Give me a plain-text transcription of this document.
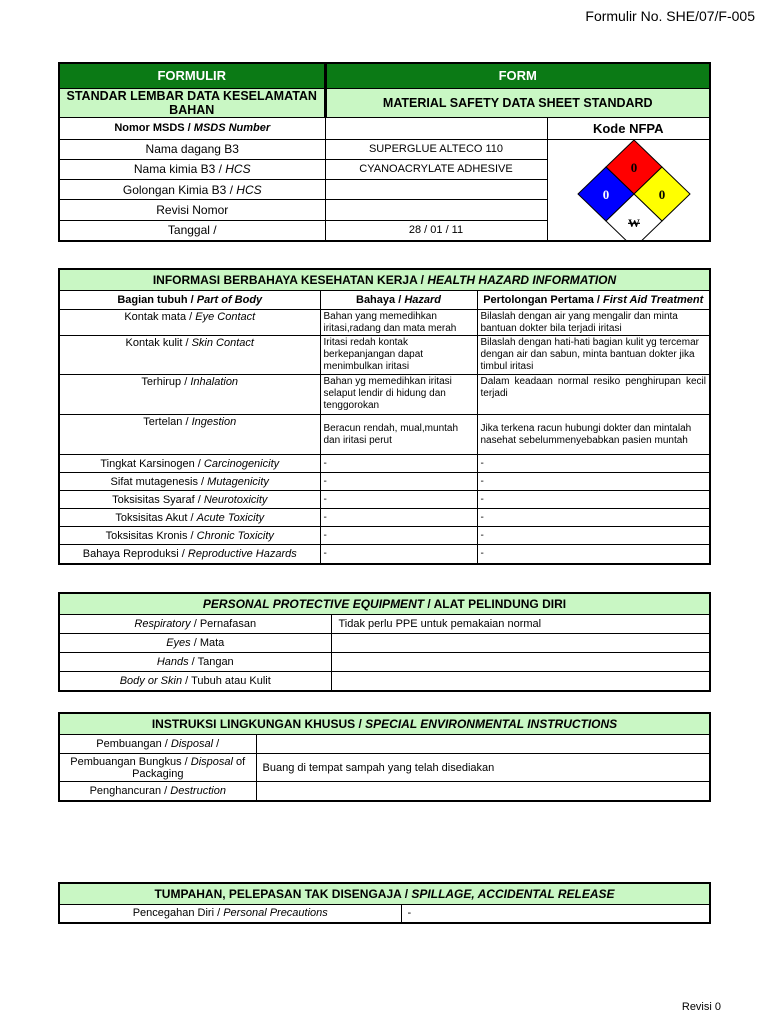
Formulir No. SHE/07/F-005
FORMULIR	FORM	
STANDAR LEMBAR DATA KESELAMATAN BAHAN	MATERIAL SAFETY DATA SHEET STANDARD	
Nomor MSDS / MSDS Number		Kode NFPA
Nama dagang B3	SUPERGLUE ALTECO 110	0
0 0
W

Nama kimia B3 / HCS	CYANOACRYLATE ADHESIVE	
Golongan Kimia B3 / HCS		
Revisi Nomor		
Tanggal /	28 / 01 / 11	
INFORMASI BERBAHAYA KESEHATAN KERJA / HEALTH HAZARD INFORMATION		
Bagian tubuh / Part of Body	Bahaya / Hazard	Pertolongan Pertama / First Aid Treatment
Kontak mata / Eye Contact	Bahan yang memedihkan iritasi,radang dan mata merah	Bilaslah dengan air yang mengalir dan minta bantuan dokter bila terjadi iritasi
Kontak kulit / Skin Contact	Iritasi redah kontak berkepanjangan dapat menimbulkan iritasi	Bilaslah dengan hati-hati bagian kulit yg tercemar dengan air dan sabun, minta bantuan dokter jika timbul iritasi
Terhirup / Inhalation	Bahan yg memedihkan iritasi selaput lendir di hidung dan tenggorokan	Dalam keadaan normal resiko penghirupan kecil terjadi
Tertelan / Ingestion	Beracun rendah, mual,muntah dan iritasi perut	Jika terkena racun hubungi dokter dan mintalah nasehat sebelummenyebabkan pasien muntah
Tingkat Karsinogen / Carcinogenicity	-	-
Sifat mutagenesis / Mutagenicity	-	-
Toksisitas Syaraf / Neurotoxicity	-	-
Toksisitas Akut / Acute Toxicity	-	-
Toksisitas Kronis / Chronic Toxicity	-	-
Bahaya Reproduksi / Reproductive Hazards	-	-
PERSONAL PROTECTIVE EQUIPMENT / ALAT PELINDUNG DIRI	
Respiratory / Pernafasan	Tidak perlu PPE untuk pemakaian normal
Eyes / Mata	
Hands / Tangan	
Body or Skin / Tubuh atau Kulit	
INSTRUKSI LINGKUNGAN KHUSUS / SPECIAL ENVIRONMENTAL INSTRUCTIONS	
Pembuangan / Disposal /	
Pembuangan Bungkus / Disposal of Packaging	Buang di tempat sampah yang telah disediakan
Penghancuran / Destruction	
TUMPAHAN, PELEPASAN TAK DISENGAJA / SPILLAGE, ACCIDENTAL RELEASE
Pencegahan Diri / Personal Precautions	-
Revisi 0
